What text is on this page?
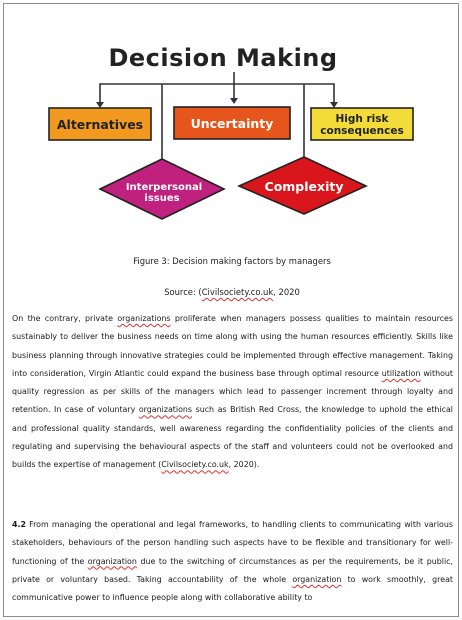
Decision Making
Alternatives	Uncertainty	High risk
consequences
Interpersonal
issues
Complexity
Figure 3: Decision making factors by managers
Source: (Civilsociety.co.uk, 2020
On the contrary, private organizations proliferate when managers possess qualities to maintain resources sustainably to deliver the business needs on time along with using the human resources efficiently. Skills like business planning through innovative strategies could be implemented through effective management. Taking into consideration, Virgin Atlantic could expand the business base through optimal resource utilization without quality regression as per skills of the managers which lead to passenger increment through loyalty and retention. In case of voluntary organizations such as British Red Cross, the knowledge to uphold the ethical and professional quality standards, well awareness regarding the confidentiality policies of the clients and regulating and supervising the behavioural aspects of the staff and volunteers could not be overlooked and builds the expertise of management (Civilsociety.co.uk, 2020).
4.2 From managing the operational and legal frameworks, to handling clients to communicating with various stakeholders, behaviours of the person handling such aspects have to be flexible and transitionary for well-functioning of the organization due to the switching of circumstances as per the requirements, be it public, private or voluntary based. Taking accountability of the whole organization to work smoothly, great communicative power to influence people along with collaborative ability to
